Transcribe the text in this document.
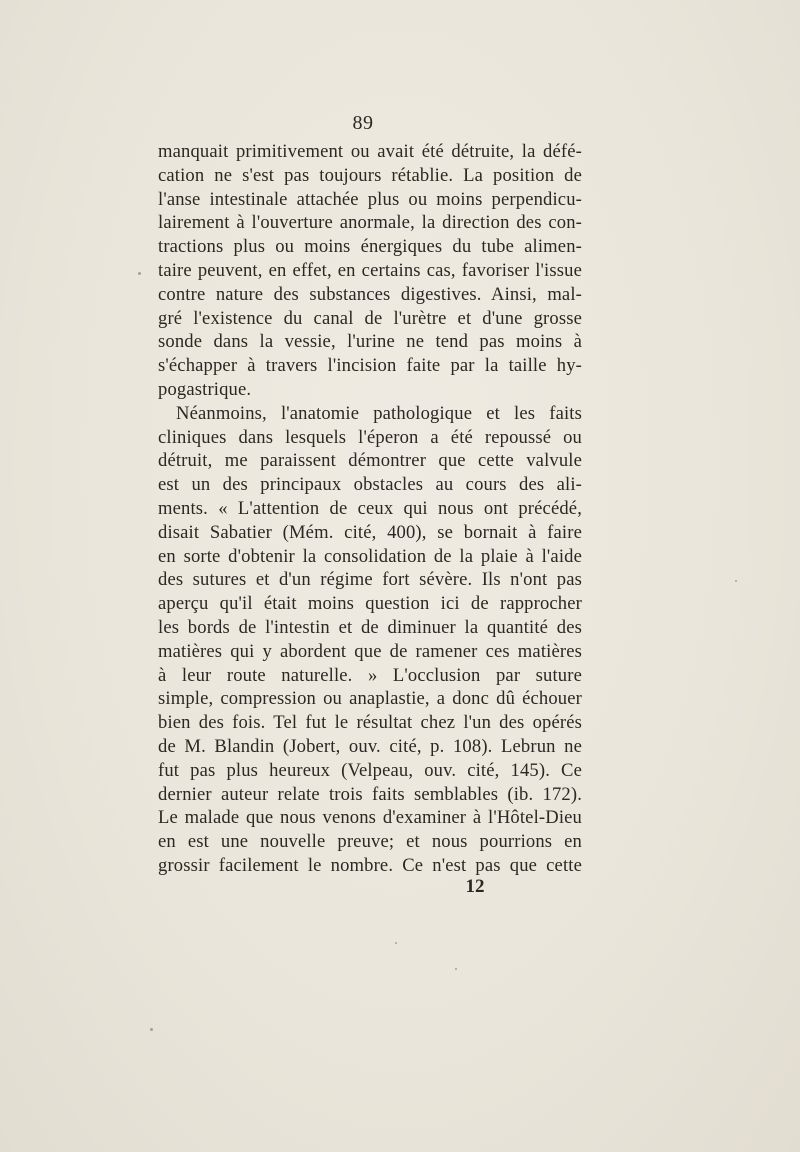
89
manquait primitivement ou avait été détruite, la défé-
cation ne s'est pas toujours rétablie. La position de
l'anse intestinale attachée plus ou moins perpendicu-
lairement à l'ouverture anormale, la direction des con-
tractions plus ou moins énergiques du tube alimen-
taire peuvent, en effet, en certains cas, favoriser l'issue
contre nature des substances digestives. Ainsi, mal-
gré l'existence du canal de l'urètre et d'une grosse
sonde dans la vessie, l'urine ne tend pas moins à
s'échapper à travers l'incision faite par la taille hy-
pogastrique.
Néanmoins, l'anatomie pathologique et les faits
cliniques dans lesquels l'éperon a été repoussé ou
détruit, me paraissent démontrer que cette valvule
est un des principaux obstacles au cours des ali-
ments. « L'attention de ceux qui nous ont précédé,
disait Sabatier (Mém. cité, 400), se bornait à faire
en sorte d'obtenir la consolidation de la plaie à l'aide
des sutures et d'un régime fort sévère. Ils n'ont pas
aperçu qu'il était moins question ici de rapprocher
les bords de l'intestin et de diminuer la quantité des
matières qui y abordent que de ramener ces matières
à leur route naturelle. » L'occlusion par suture
simple, compression ou anaplastie, a donc dû échouer
bien des fois. Tel fut le résultat chez l'un des opérés
de M. Blandin (Jobert, ouv. cité, p. 108). Lebrun ne
fut pas plus heureux (Velpeau, ouv. cité, 145). Ce
dernier auteur relate trois faits semblables (ib. 172).
Le malade que nous venons d'examiner à l'Hôtel-Dieu
en est une nouvelle preuve; et nous pourrions en
grossir facilement le nombre. Ce n'est pas que cette
12
